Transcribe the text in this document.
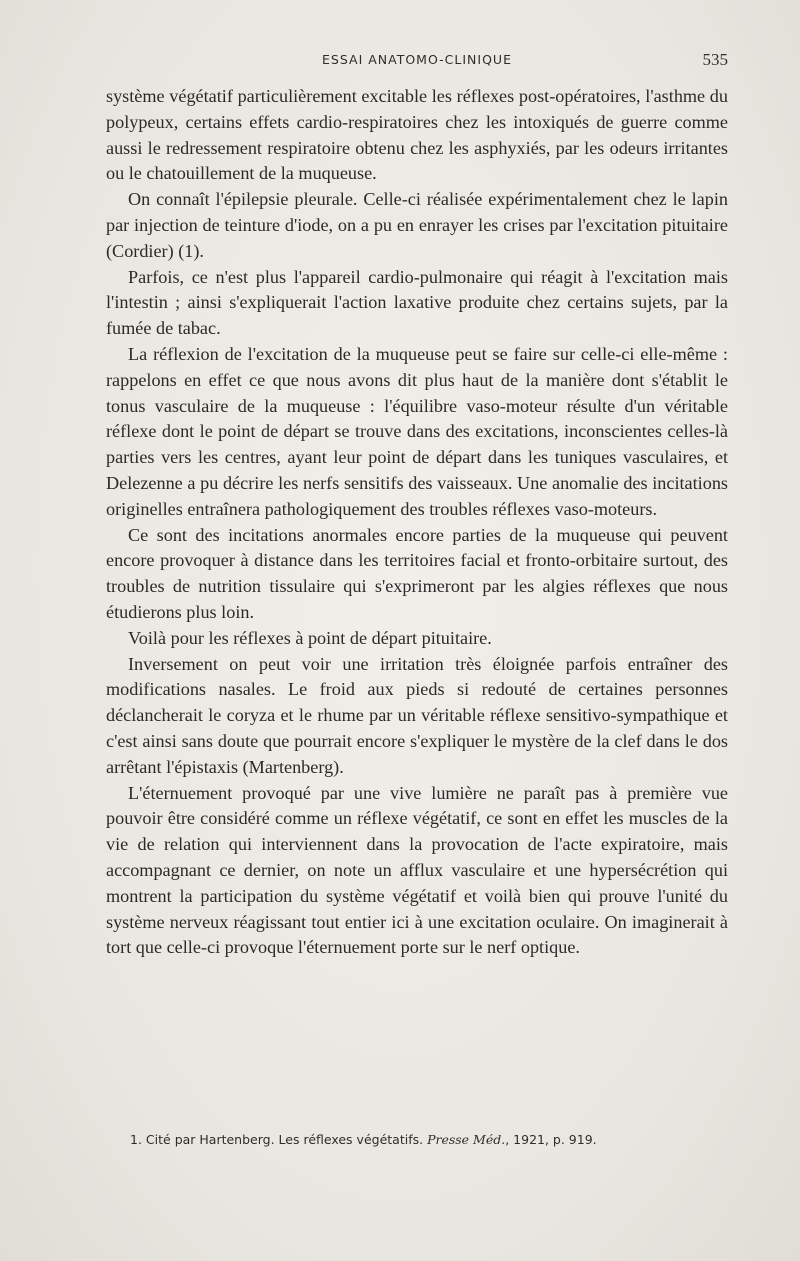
ESSAI ANATOMO-CLINIQUE	535

système végétatif particulièrement excitable les réflexes post-opératoires, l'asthme du polypeux, certains effets cardio-respiratoires chez les intoxiqués de guerre comme aussi le redressement respiratoire obtenu chez les asphyxiés, par les odeurs irritantes ou le chatouillement de la muqueuse.

On connaît l'épilepsie pleurale. Celle-ci réalisée expérimentalement chez le lapin par injection de teinture d'iode, on a pu en enrayer les crises par l'excitation pituitaire (Cordier) (1).

Parfois, ce n'est plus l'appareil cardio-pulmonaire qui réagit à l'excitation mais l'intestin ; ainsi s'expliquerait l'action laxative produite chez certains sujets, par la fumée de tabac.

La réflexion de l'excitation de la muqueuse peut se faire sur celle-ci elle-même : rappelons en effet ce que nous avons dit plus haut de la manière dont s'établit le tonus vasculaire de la muqueuse : l'équilibre vaso-moteur résulte d'un véritable réflexe dont le point de départ se trouve dans des excitations, inconscientes celles-là parties vers les centres, ayant leur point de départ dans les tuniques vasculaires, et Delezenne a pu décrire les nerfs sensitifs des vaisseaux. Une anomalie des incitations originelles entraînera pathologiquement des troubles réflexes vaso-moteurs.

Ce sont des incitations anormales encore parties de la muqueuse qui peuvent encore provoquer à distance dans les territoires facial et fronto-orbitaire surtout, des troubles de nutrition tissulaire qui s'exprimeront par les algies réflexes que nous étudierons plus loin.

Voilà pour les réflexes à point de départ pituitaire.

Inversement on peut voir une irritation très éloignée parfois entraîner des modifications nasales. Le froid aux pieds si redouté de certaines personnes déclancherait le coryza et le rhume par un véritable réflexe sensitivo-sympathique et c'est ainsi sans doute que pourrait encore s'expliquer le mystère de la clef dans le dos arrêtant l'épistaxis (Martenberg).

L'éternuement provoqué par une vive lumière ne paraît pas à première vue pouvoir être considéré comme un réflexe végétatif, ce sont en effet les muscles de la vie de relation qui interviennent dans la provocation de l'acte expiratoire, mais accompagnant ce dernier, on note un afflux vasculaire et une hypersécrétion qui montrent la participation du système végétatif et voilà bien qui prouve l'unité du système nerveux réagissant tout entier ici à une excitation oculaire. On imaginerait à tort que celle-ci provoque l'éternuement porte sur le nerf optique.

1. Cité par Hartenberg. Les réflexes végétatifs. Presse Méd., 1921, p. 919.
